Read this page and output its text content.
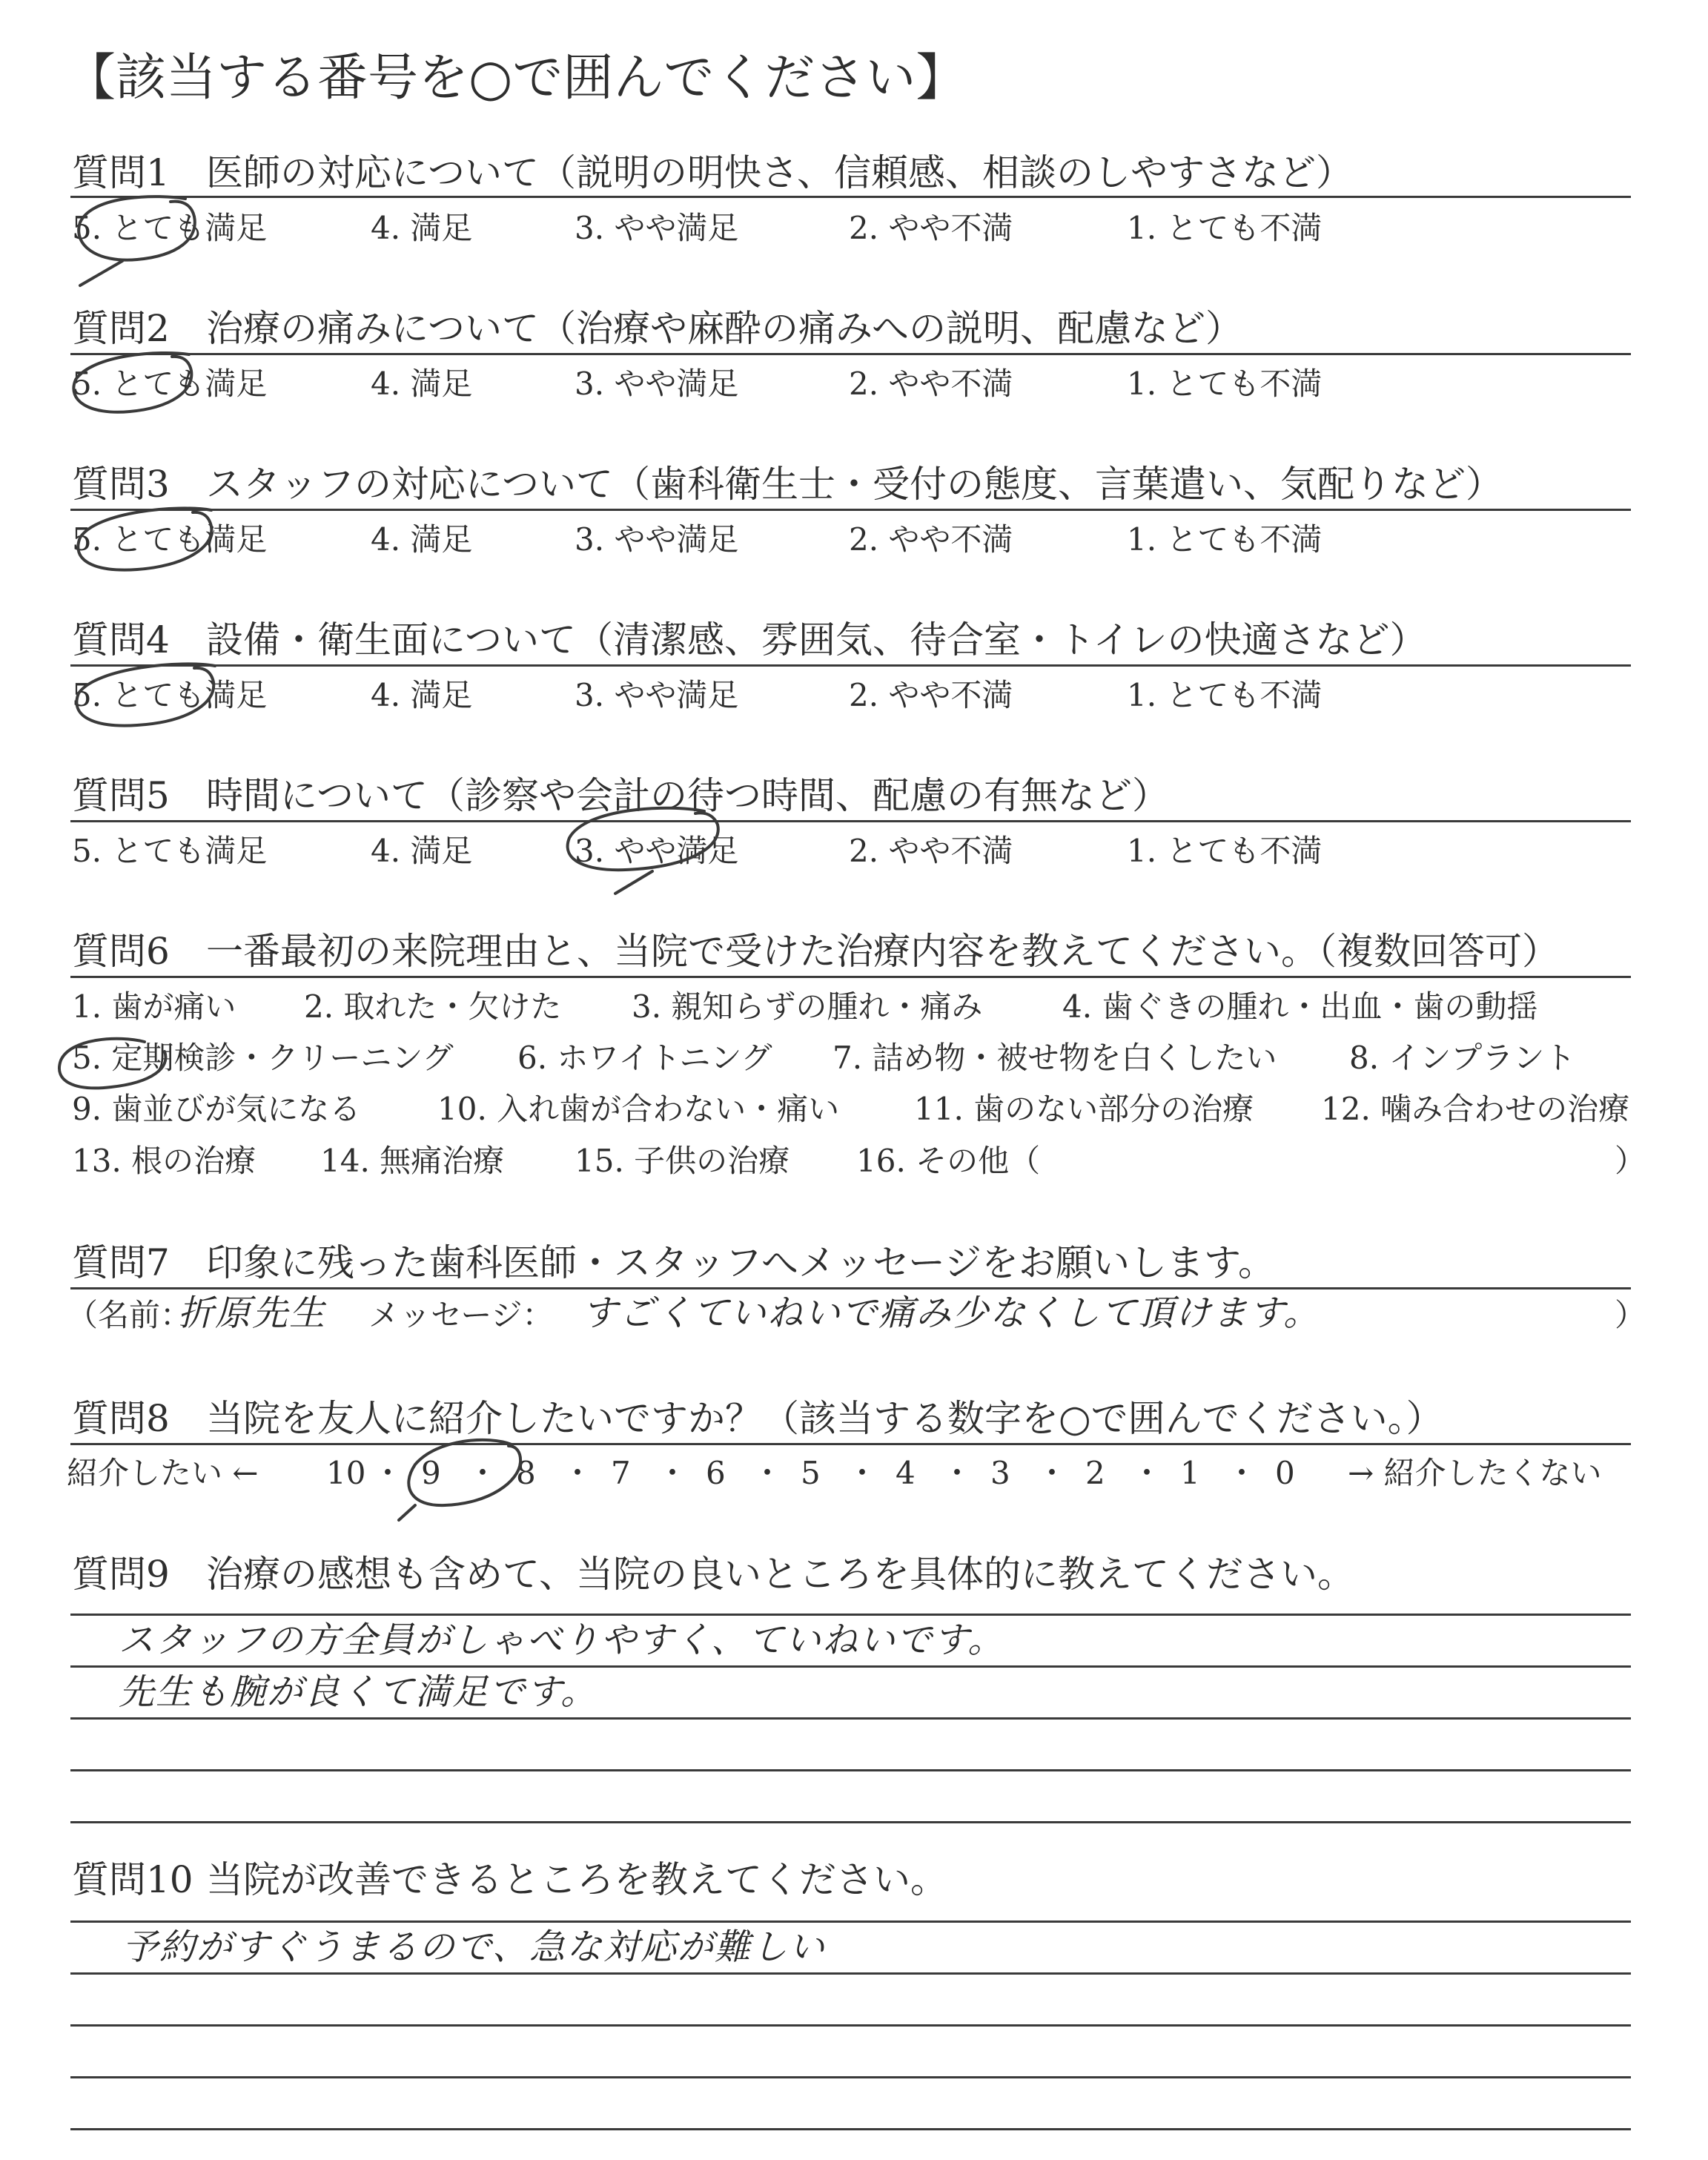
【該当する番号を○で囲んでください】
質問1 医師の対応について（説明の明快さ、信頼感、相談のしやすさなど）
質問2 治療の痛みについて（治療や麻酔の痛みへの説明、配慮など）
質問3 スタッフの対応について（歯科衛生士・受付の態度、言葉遣い、気配りなど）
質問4 設備・衛生面について（清潔感、雰囲気、待合室・トイレの快適さなど）
質問5 時間について（診察や会計の待つ時間、配慮の有無など）
5. とても満足	4. 満足	3. やや満足	2. やや不満	1. とても不満
5. とても満足	4. 満足	3. やや満足	2. やや不満	1. とても不満
5. とても満足	4. 満足	3. やや満足	2. やや不満	1. とても不満
5. とても満足	4. 満足	3. やや満足	2. やや不満	1. とても不満
5. とても満足	4. 満足	3. やや満足	2. やや不満	1. とても不満
質問6 一番最初の来院理由と、当院で受けた治療内容を教えてください。（複数回答可）
1. 歯が痛い 2. 取れた・欠けた 3. 親知らずの腫れ・痛み	4. 歯ぐきの腫れ・出血・歯の動揺
5. 定期検診・クリーニング 6. ホワイトニング 7. 詰め物・被せ物を白くしたい 8. インプラント
9. 歯並びが気になる 10. 入れ歯が合わない・痛い 11. 歯のない部分の治療 12. 噛み合わせの治療
13. 根の治療 14. 無痛治療 15. 子供の治療 16. その他（	）
質問7 印象に残った歯科医師・スタッフへメッセージをお願いします。
（名前：
折原先生 メッセージ： すごくていねいで痛み少なくして頂けます。	）
質問8 当院を友人に紹介したいですか？（該当する数字を○で囲んでください。）
紹介したい ← 10 ・ 9 ・ 8 ・ 7 ・ 6 ・ 5 ・ 4 ・ 3 ・ 2 ・ 1 ・ 0 → 紹介したくない
質問9 治療の感想も含めて、当院の良いところを具体的に教えてください。
スタッフの方全員がしゃべりやすく、ていねいです。
先生も腕が良くて満足です。
質問10 当院が改善できるところを教えてください。
予約がすぐうまるので、急な対応が難しい
